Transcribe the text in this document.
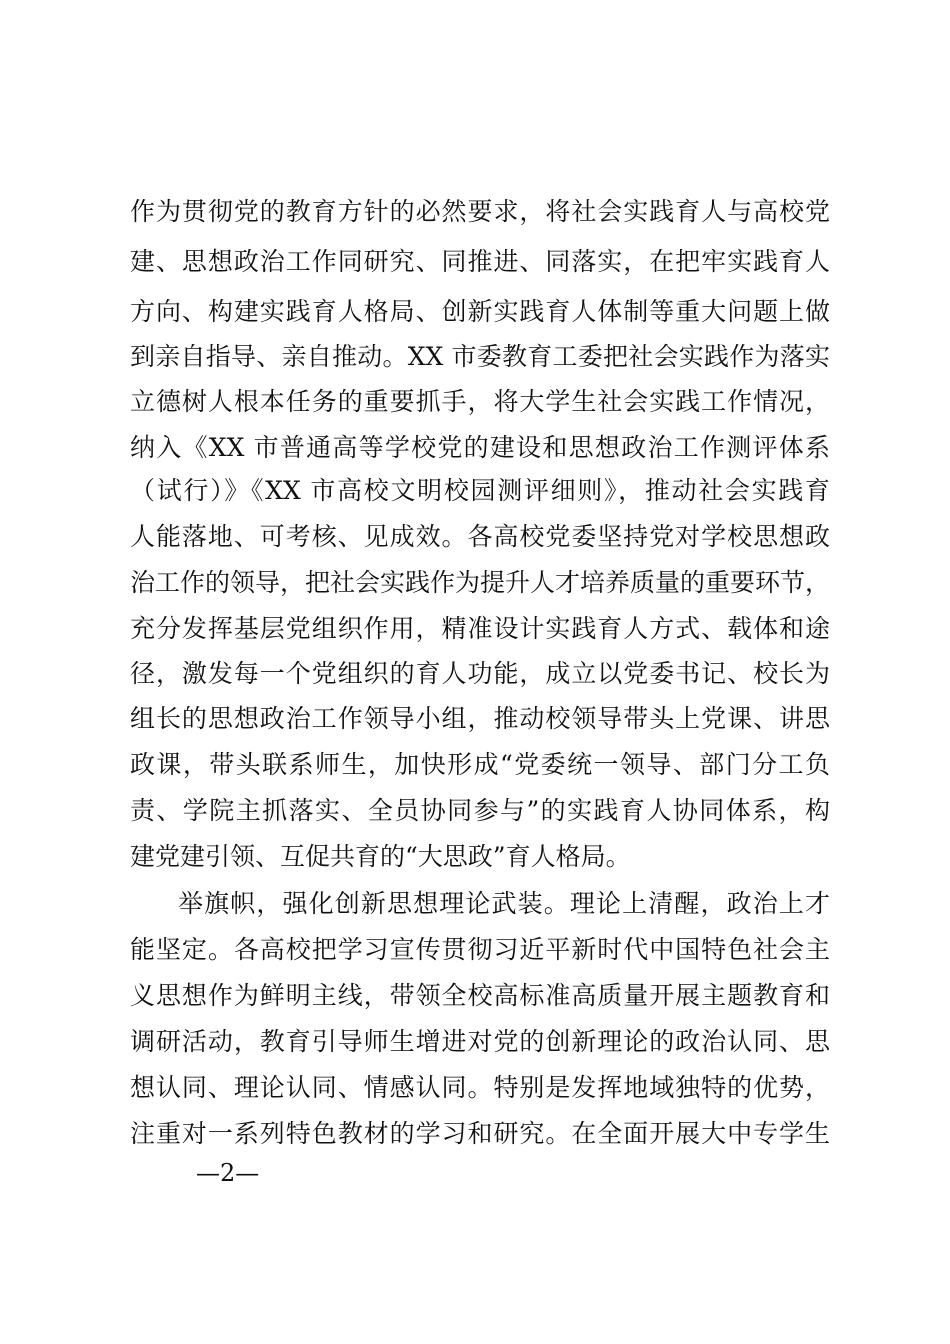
作为贯彻党的教育方针的必然要求，将社会实践育人与高校党
建、思想政治工作同研究、同推进、同落实，在把牢实践育人
方向、构建实践育人格局、创新实践育人体制等重大问题上做
到亲自指导、亲自推动。XX 市委教育工委把社会实践作为落实
立德树人根本任务的重要抓手，将大学生社会实践工作情况，
纳入《XX 市普通高等学校党的建设和思想政治工作测评体系
（试行）》《XX 市高校文明校园测评细则》，推动社会实践育
人能落地、可考核、见成效。各高校党委坚持党对学校思想政
治工作的领导，把社会实践作为提升人才培养质量的重要环节，
充分发挥基层党组织作用，精准设计实践育人方式、载体和途
径，激发每一个党组织的育人功能，成立以党委书记、校长为
组长的思想政治工作领导小组，推动校领导带头上党课、讲思
政课，带头联系师生，加快形成“党委统一领导、部门分工负
责、学院主抓落实、全员协同参与”的实践育人协同体系，构
建党建引领、互促共育的“大思政”育人格局。
举旗帜，强化创新思想理论武装。理论上清醒，政治上才
能坚定。各高校把学习宣传贯彻习近平新时代中国特色社会主
义思想作为鲜明主线，带领全校高标准高质量开展主题教育和
调研活动，教育引导师生增进对党的创新理论的政治认同、思
想认同、理论认同、情感认同。特别是发挥地域独特的优势，
注重对一系列特色教材的学习和研究。在全面开展大中专学生
—2—
